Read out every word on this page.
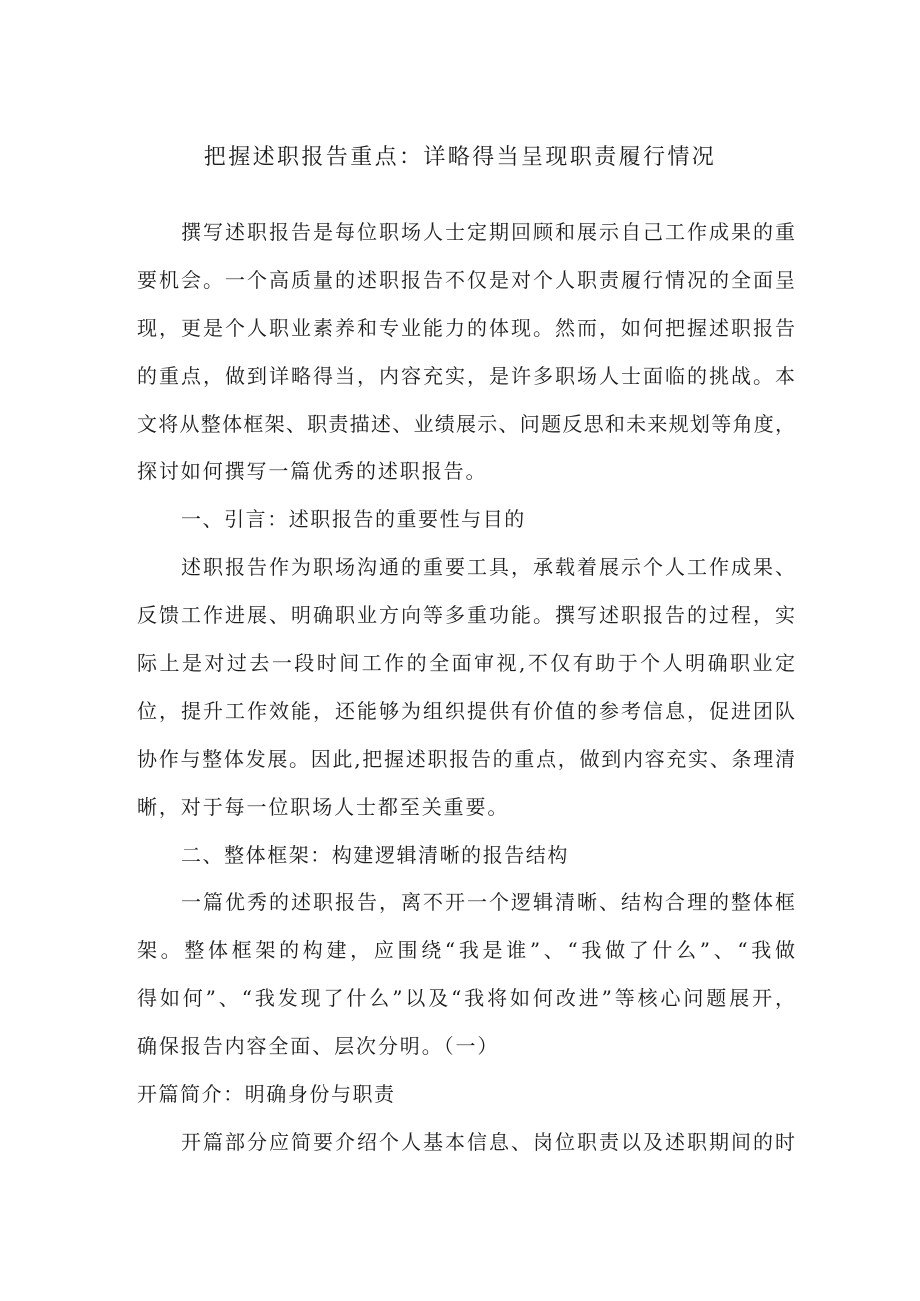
把握述职报告重点：详略得当呈现职责履行情况
撰写述职报告是每位职场人士定期回顾和展示自己工作成果的重
要机会。一个高质量的述职报告不仅是对个人职责履行情况的全面呈
现，更是个人职业素养和专业能力的体现。然而，如何把握述职报告
的重点，做到详略得当，内容充实，是许多职场人士面临的挑战。本
文将从整体框架、职责描述、业绩展示、问题反思和未来规划等角度，
探讨如何撰写一篇优秀的述职报告。
一、引言：述职报告的重要性与目的
述职报告作为职场沟通的重要工具，承载着展示个人工作成果、
反馈工作进展、明确职业方向等多重功能。撰写述职报告的过程，实
际上是对过去一段时间工作的全面审视,不仅有助于个人明确职业定
位，提升工作效能，还能够为组织提供有价值的参考信息，促进团队
协作与整体发展。因此,把握述职报告的重点，做到内容充实、条理清
晰，对于每一位职场人士都至关重要。
二、整体框架：构建逻辑清晰的报告结构
一篇优秀的述职报告，离不开一个逻辑清晰、结构合理的整体框
架。整体框架的构建，应围绕“我是谁”、“我做了什么”、“我做
得如何”、“我发现了什么”以及“我将如何改进”等核心问题展开，
确保报告内容全面、层次分明。（一）
开篇简介：明确身份与职责
开篇部分应简要介绍个人基本信息、岗位职责以及述职期间的时
